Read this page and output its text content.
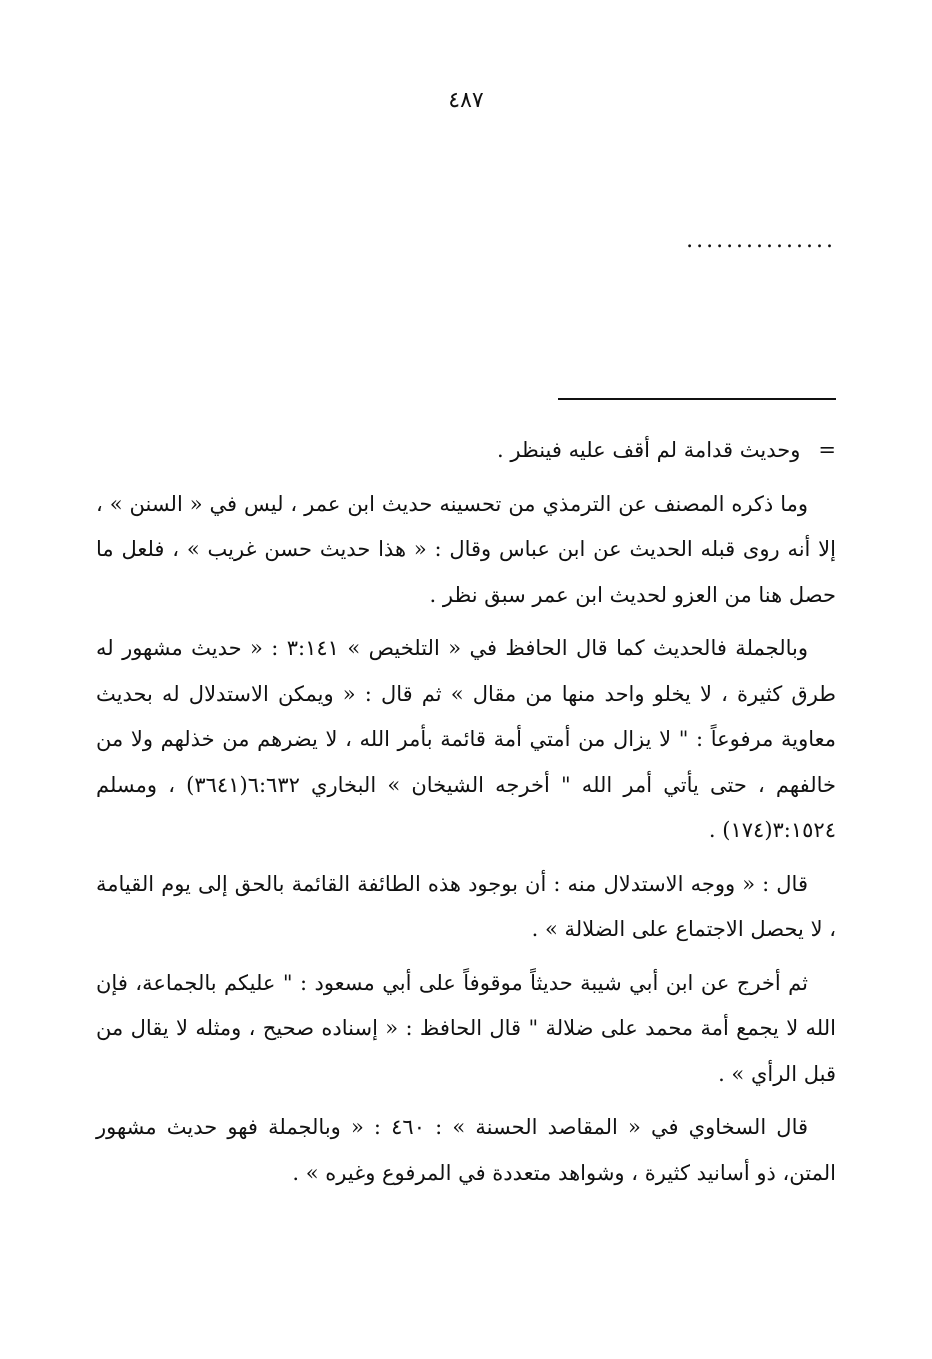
٤٨٧
...............

=وحديث قدامة لم أقف عليه فينظر .

وما ذكره المصنف عن الترمذي من تحسينه حديث ابن عمر ، ليس في « السنن » ، إلا أنه روى قبله الحديث عن ابن عباس وقال : « هذا حديث حسن غريب » ، فلعل ما حصل هنا من العزو لحديث ابن عمر سبق نظر .

وبالجملة فالحديث كما قال الحافظ في « التلخيص » ٣:١٤١ : « حديث مشهور له طرق كثيرة ، لا يخلو واحد منها من مقال » ثم قال : « ويمكن الاستدلال له بحديث معاوية مرفوعاً : " لا يزال من أمتي أمة قائمة بأمر الله ، لا يضرهم من خذلهم ولا من خالفهم ، حتى يأتي أمر الله " أخرجه الشيخان » البخاري ٦:٦٣٢(٣٦٤١) ، ومسلم ٣:١٥٢٤(١٧٤) .

قال : « ووجه الاستدلال منه : أن بوجود هذه الطائفة القائمة بالحق إلى يوم القيامة ، لا يحصل الاجتماع على الضلالة » .

ثم أخرج عن ابن أبي شيبة حديثاً موقوفاً على أبي مسعود : " عليكم بالجماعة، فإن الله لا يجمع أمة محمد على ضلالة " قال الحافظ : « إسناده صحيح ، ومثله لا يقال من قبل الرأي » .

قال السخاوي في « المقاصد الحسنة » : ٤٦٠ : « وبالجملة فهو حديث مشهور المتن، ذو أسانيد كثيرة ، وشواهد متعددة في المرفوع وغيره » .
